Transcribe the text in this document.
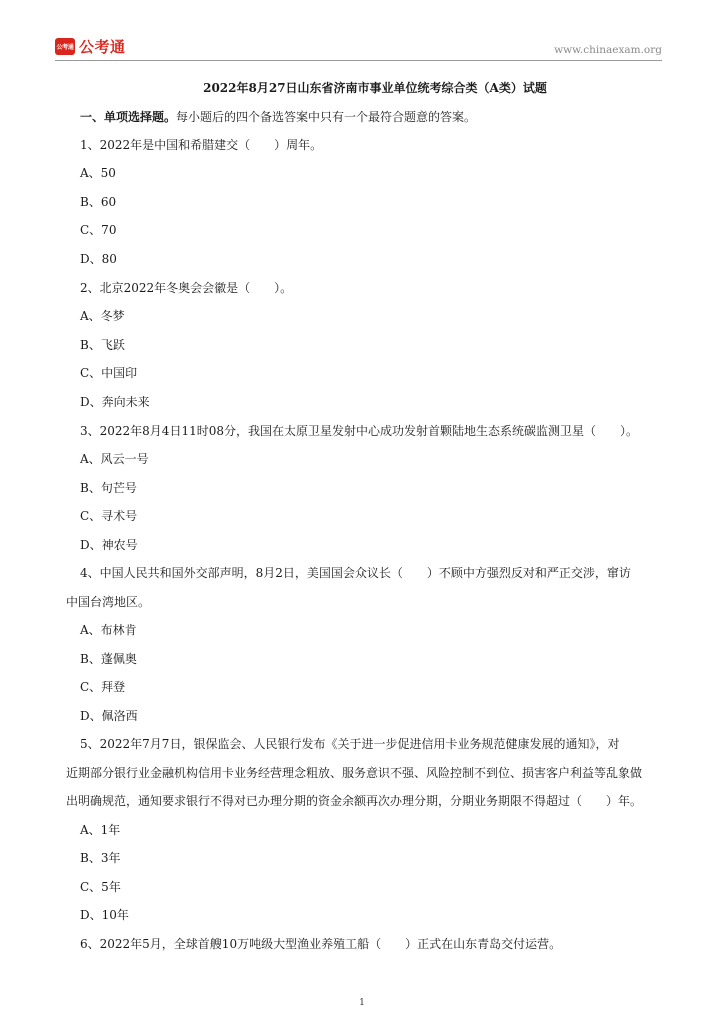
公考通 公考通	www.chinaexam.org
2022年8月27日山东省济南市事业单位统考综合类（A类）试题
一、单项选择题。每小题后的四个备选答案中只有一个最符合题意的答案。
1、2022年是中国和希腊建交（　　）周年。
A、50
B、60
C、70
D、80
2、北京2022年冬奥会会徽是（　　）。
A、冬梦
B、飞跃
C、中国印
D、奔向未来
3、2022年8月4日11时08分，我国在太原卫星发射中心成功发射首颗陆地生态系统碳监测卫星（　　）。
A、风云一号
B、句芒号
C、寻术号
D、神农号
4、中国人民共和国外交部声明，8月2日，美国国会众议长（　　）不顾中方强烈反对和严正交涉，窜访
中国台湾地区。
A、布林肯
B、蓬佩奥
C、拜登
D、佩洛西
5、2022年7月7日，银保监会、人民银行发布《关于进一步促进信用卡业务规范健康发展的通知》，对
近期部分银行业金融机构信用卡业务经营理念粗放、服务意识不强、风险控制不到位、损害客户利益等乱象做
出明确规范，通知要求银行不得对已办理分期的资金余额再次办理分期，分期业务期限不得超过（　　）年。
A、1年
B、3年
C、5年
D、10年
6、2022年5月，全球首艘10万吨级大型渔业养殖工船（　　）正式在山东青岛交付运营。
1
